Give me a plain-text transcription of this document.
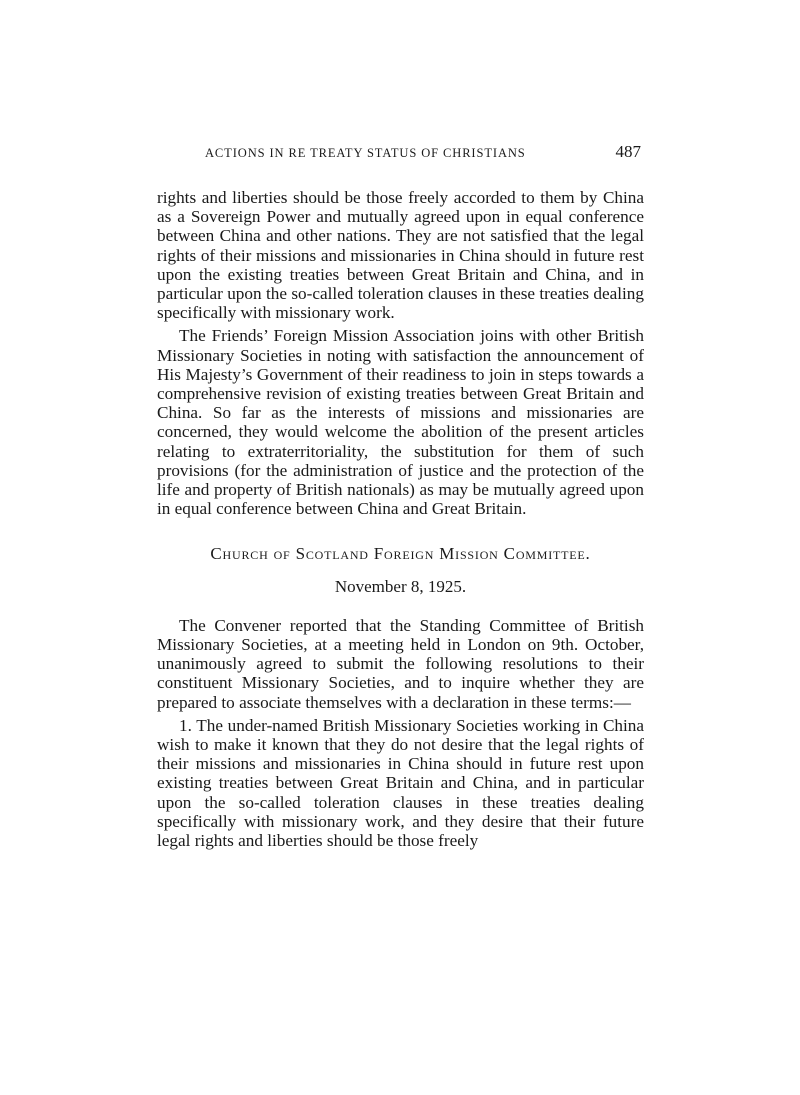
ACTIONS IN RE TREATY STATUS OF CHRISTIANS	487

rights and liberties should be those freely accorded to them by China as a Sovereign Power and mutually agreed upon in equal conference between China and other nations. They are not satisfied that the legal rights of their missions and missionaries in China should in future rest upon the existing treaties between Great Britain and China, and in particular upon the so-called toleration clauses in these treaties dealing specifically with missionary work.

The Friends’ Foreign Mission Association joins with other British Missionary Societies in noting with satisfaction the announcement of His Majesty’s Government of their readiness to join in steps towards a comprehensive revision of existing treaties between Great Britain and China. So far as the interests of missions and missionaries are concerned, they would welcome the abolition of the present articles relating to extraterritoriality, the substitution for them of such provisions (for the administration of justice and the protection of the life and property of British nationals) as may be mutually agreed upon in equal conference between China and Great Britain.

Church of Scotland Foreign Mission Committee.

November 8, 1925.

The Convener reported that the Standing Committee of British Missionary Societies, at a meeting held in London on 9th. October, unanimously agreed to submit the following resolutions to their constituent Missionary Societies, and to inquire whether they are prepared to associate themselves with a declaration in these terms:—

1. The under-named British Missionary Societies working in China wish to make it known that they do not desire that the legal rights of their missions and missionaries in China should in future rest upon existing treaties between Great Britain and China, and in particular upon the so-called toleration clauses in these treaties dealing specifically with missionary work, and they desire that their future legal rights and liberties should be those freely
